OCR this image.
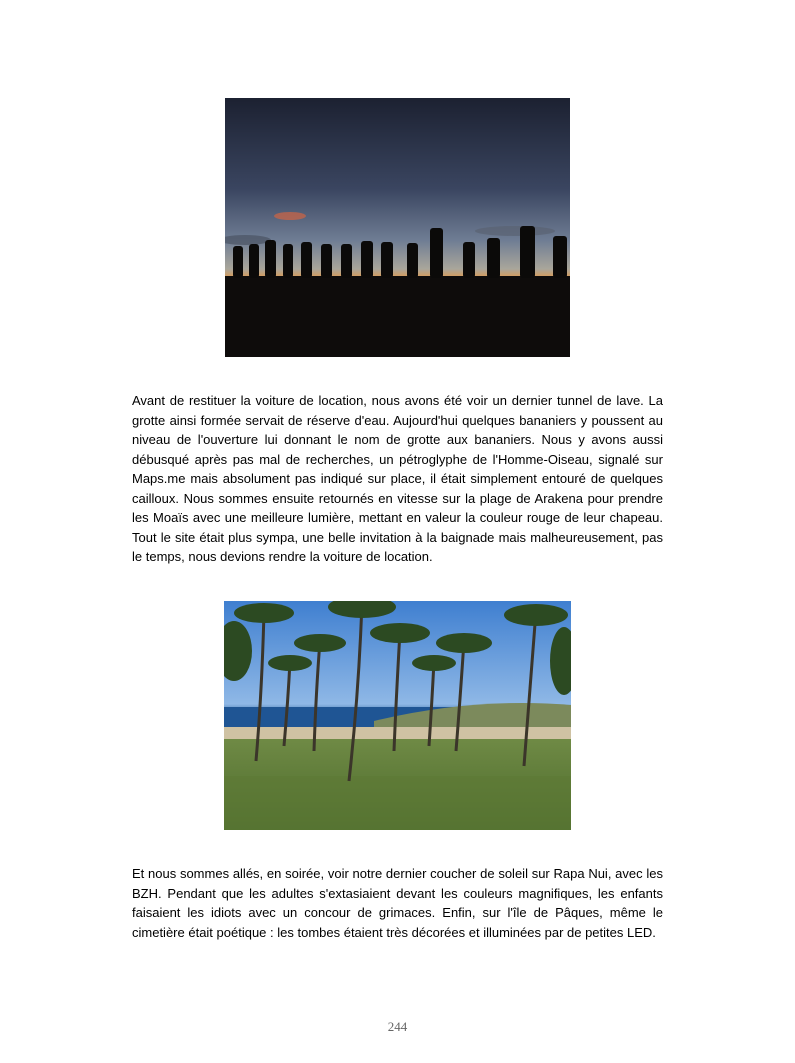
Avant de restituer la voiture de location, nous avons été voir un dernier tunnel de lave. La grotte ainsi formée servait de réserve d'eau. Aujourd'hui quelques bananiers y poussent au niveau de l'ouverture lui donnant le nom de grotte aux bananiers. Nous y avons aussi débusqué après pas mal de recherches, un pétroglyphe de l'Homme-Oiseau, signalé sur Maps.me mais absolument pas indiqué sur place, il était simplement entouré de quelques cailloux. Nous sommes ensuite retournés en vitesse sur la plage de Arakena pour prendre les Moaïs avec une meilleure lumière, mettant en valeur la couleur rouge de leur chapeau. Tout le site était plus sympa, une belle invitation à la baignade mais malheureusement, pas le temps, nous devions rendre la voiture de location.

Et nous sommes allés, en soirée, voir notre dernier coucher de soleil sur Rapa Nui, avec les BZH. Pendant que les adultes s'extasiaient devant les couleurs magnifiques, les enfants faisaient les idiots avec un concour de grimaces. Enfin, sur l'île de Pâques, même le cimetière était poétique : les tombes étaient très décorées et illuminées par de petites LED.

244
